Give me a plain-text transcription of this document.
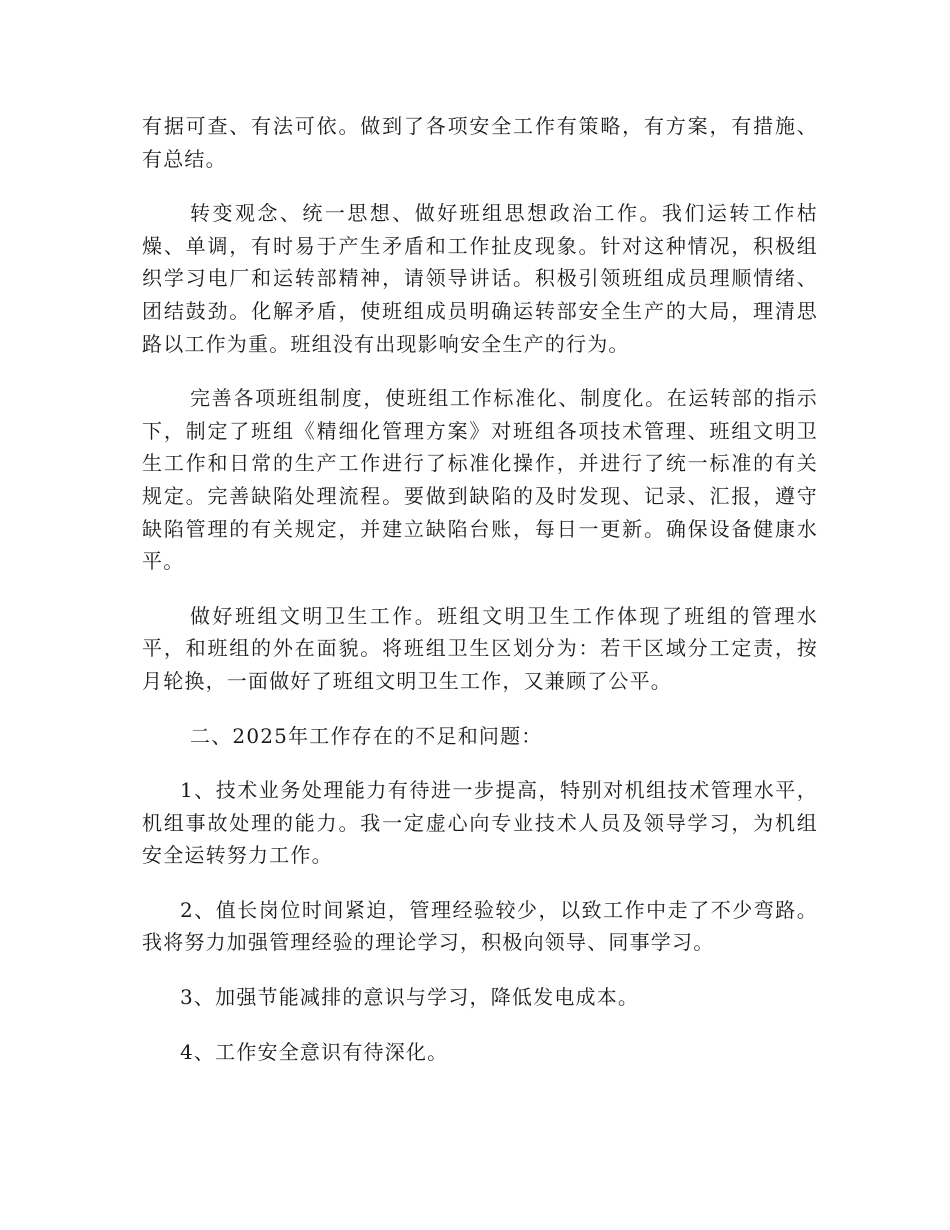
有据可查、有法可依。做到了各项安全工作有策略，有方案，有措施、有总结。

转变观念、统一思想、做好班组思想政治工作。我们运转工作枯燥、单调，有时易于产生矛盾和工作扯皮现象。针对这种情况，积极组织学习电厂和运转部精神，请领导讲话。积极引领班组成员理顺情绪、团结鼓劲。化解矛盾，使班组成员明确运转部安全生产的大局，理清思路以工作为重。班组没有出现影响安全生产的行为。

完善各项班组制度，使班组工作标准化、制度化。在运转部的指示下，制定了班组《精细化管理方案》对班组各项技术管理、班组文明卫生工作和日常的生产工作进行了标准化操作，并进行了统一标准的有关规定。完善缺陷处理流程。要做到缺陷的及时发现、记录、汇报，遵守缺陷管理的有关规定，并建立缺陷台账，每日一更新。确保设备健康水平。

做好班组文明卫生工作。班组文明卫生工作体现了班组的管理水平，和班组的外在面貌。将班组卫生区划分为：若干区域分工定责，按月轮换，一面做好了班组文明卫生工作，又兼顾了公平。

二、2025年工作存在的不足和问题：

1、技术业务处理能力有待进一步提高，特别对机组技术管理水平，机组事故处理的能力。我一定虚心向专业技术人员及领导学习，为机组安全运转努力工作。

2、值长岗位时间紧迫，管理经验较少，以致工作中走了不少弯路。我将努力加强管理经验的理论学习，积极向领导、同事学习。

3、加强节能减排的意识与学习，降低发电成本。

4、工作安全意识有待深化。
